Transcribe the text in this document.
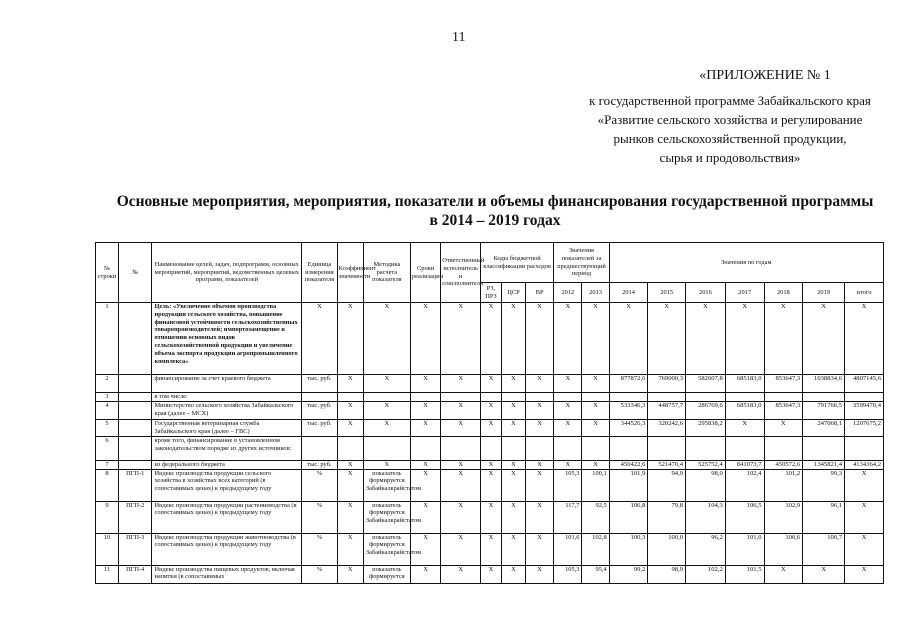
11
«ПРИЛОЖЕНИЕ № 1
к государственной программе Забайкальского края
«Развитие сельского хозяйства и регулирование
рынков сельскохозяйственной продукции,
сырья и продовольствия»
Основные мероприятия, мероприятия, показатели и объемы финансирования государственной программы
в 2014 – 2019 годах
№ строки	№	Наименование целей, задач, подпрограмм, основных мероприятий, мероприятий, ведомственных целевых программ, показателей	Единица измерения показателя	Коэффициент значимости	Методика расчета показателя	Сроки реализации	Ответственный исполнитель и соисполнители	Коды бюджетной классификации расходов			Значения показателей за предшествующий период		Значения по годам						
								РЗ, ПРЗ	ЦСР	ВР	2012	2013	2014	2015	2016	2017	2018	2019	итого
1		Цель: «Увеличение объемов производства продукции сельского хозяйства, повышение финансовой устойчивости сельскохозяйственных товаропроизводителей; импортозамещение в отношении основных видов сельскохозяйственной продукции и увеличение объема экспорта продукции агропромышленного комплекса»	X	X	X	X	X	X	X	X	X	X	X	X	X	X	X	X	X
2		финансирование за счет краевого бюджета	тыс. руб.	X	X	X	X	X	X	X	X	X	877872,6	769000,3	582607,8	685183,0	853647,3	1038834,6	4807145,6
3		в том числе:																	
4		Министерство сельского хозяйства Забайкальского края (далее – МСХ)	тыс. руб.	X	X	X	X	X	X	X	X	X	533346,3	448757,7	286769,6	685183,0	853647,3	791766,5	3599470,4
5		Государственная ветеринарная служба Забайкальского края (далее – ГВС)	тыс. руб.	X	X	X	X	X	X	X	X	X	344526,3	320242,6	295838,2	X	X	247068,1	1207675,2
6		кроме того, финансирование в установленном законодательством порядке из других источников:																	
7		из федерального бюджета	тыс. руб.	X	X	X	X	X	X	X	X	X	450422,6	521470,4	525752,4	841073,7	450572,6	1345821,4	4134364,2
8	ПГП-1	Индекс производства продукции сельского хозяйства в хозяйствах всех категорий (в сопоставимых ценах) к предыдущему году	%	X	показатель формируется Забайкалкрайстатом	X	X	X	X	X	105,3	100,1	101,9	94,9	98,0	102,4	101,2	99,3	X
9	ПГП-2	Индекс производства продукции растениеводства (в сопоставимых ценах) к предыдущему году	%	X	показатель формируется Забайкалкрайстатом	X	X	X	X	X	117,7	92,5	106,8	79,8	104,3	106,5	102,9	96,1	X
10	ПГП-3	Индекс производства продукции животноводства (в сопоставимых ценах) к предыдущему году	%	X	показатель формируется Забайкалкрайстатом	X	X	X	X	X	101,6	102,8	100,3	100,0	96,2	101,0	100,6	100,7	X
11	ПГП-4	Индекс производства пищевых продуктов, включая напитки (в сопоставимых	%	X	показатель формируется	X	X	X	X	X	105,3	95,4	99,2	98,9	102,2	101,5	X	X	X
